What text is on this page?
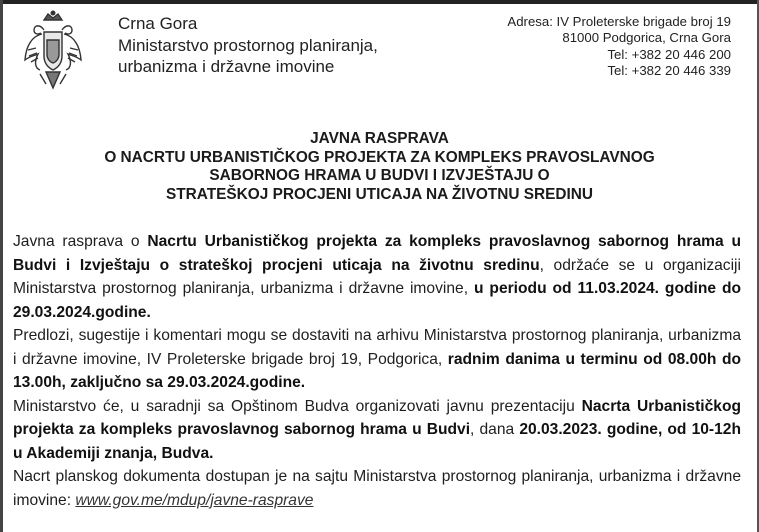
Crna Gora
Ministarstvo prostornog planiranja,
urbanizma i državne imovine
Adresa: IV Proleterske brigade broj 19
81000 Podgorica, Crna Gora
Tel: +382 20 446 200
Tel: +382 20 446 339
JAVNA RASPRAVA
O NACRTU URBANISTIČKOG PROJEKTA ZA KOMPLEKS PRAVOSLAVNOG
SABORNOG HRAMA U BUDVI I IZVJEŠTAJU O
STRATEŠKOJ PROCJENI UTICAJA NA ŽIVOTNU SREDINU

Javna rasprava o Nacrtu Urbanističkog projekta za kompleks pravoslavnog sabornog hrama u Budvi i Izvještaju o strateškoj procjeni uticaja na životnu sredinu, održaće se u organizaciji Ministarstva prostornog planiranja, urbanizma i državne imovine, u periodu od 11.03.2024. godine do 29.03.2024.godine.

Predlozi, sugestije i komentari mogu se dostaviti na arhivu Ministarstva prostornog planiranja, urbanizma i državne imovine, IV Proleterske brigade broj 19, Podgorica, radnim danima u terminu od 08.00h do 13.00h, zaključno sa 29.03.2024.godine.

Ministarstvo će, u saradnji sa Opštinom Budva organizovati javnu prezentaciju Nacrta Urbanističkog projekta za kompleks pravoslavnog sabornog hrama u Budvi, dana 20.03.2023. godine, od 10-12h u Akademiji znanja, Budva.

Nacrt planskog dokumenta dostupan je na sajtu Ministarstva prostornog planiranja, urbanizma i državne imovine: www.gov.me/mdup/javne-rasprave
